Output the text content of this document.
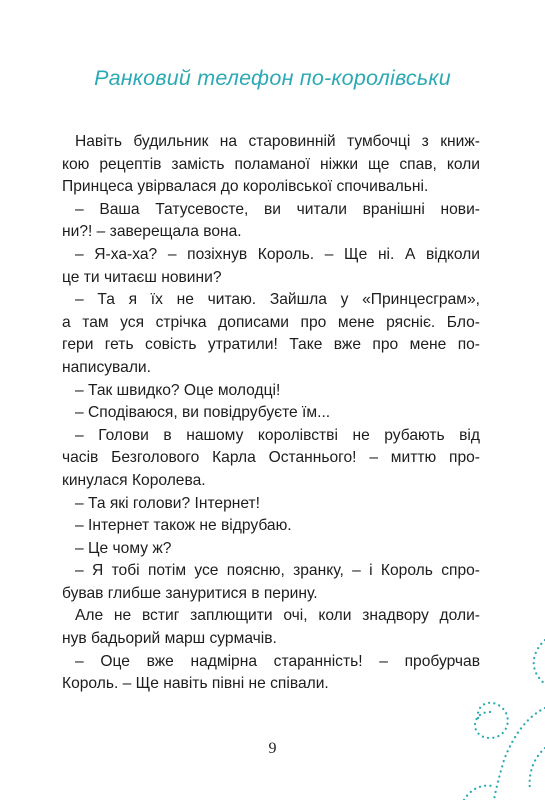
Ранковий телефон по-королівськи
Навіть будильник на старовинній тумбочці з книж-
кою рецептів замість поламаної ніжки ще спав, коли
Принцеса увірвалася до королівської спочивальні.
– Ваша Татусевосте, ви читали вранішні нови-
ни?! – заверещала вона.
– Я-ха-ха? – позіхнув Король. – Ще ні. А відколи
це ти читаєш новини?
– Та я їх не читаю. Зайшла у «Принцесграм»,
а там уся стрічка дописами про мене рясніє. Бло-
гери геть совість утратили! Таке вже про мене по-
написували.
– Так швидко? Оце молодці!
– Сподіваюся, ви повідрубуєте їм...
– Голови в нашому королівстві не рубають від
часів Безголового Карла Останнього! – миттю про-
кинулася Королева.
– Та які голови? Інтернет!
– Інтернет також не відрубаю.
– Це чому ж?
– Я тобі потім усе поясню, зранку, – і Король спро-
бував глибше зануритися в перину.
Але не встиг заплющити очі, коли знадвору доли-
нув бадьорий марш сурмачів.
– Оце вже надмірна старанність! – пробурчав
Король. – Ще навіть півні не співали.
9
